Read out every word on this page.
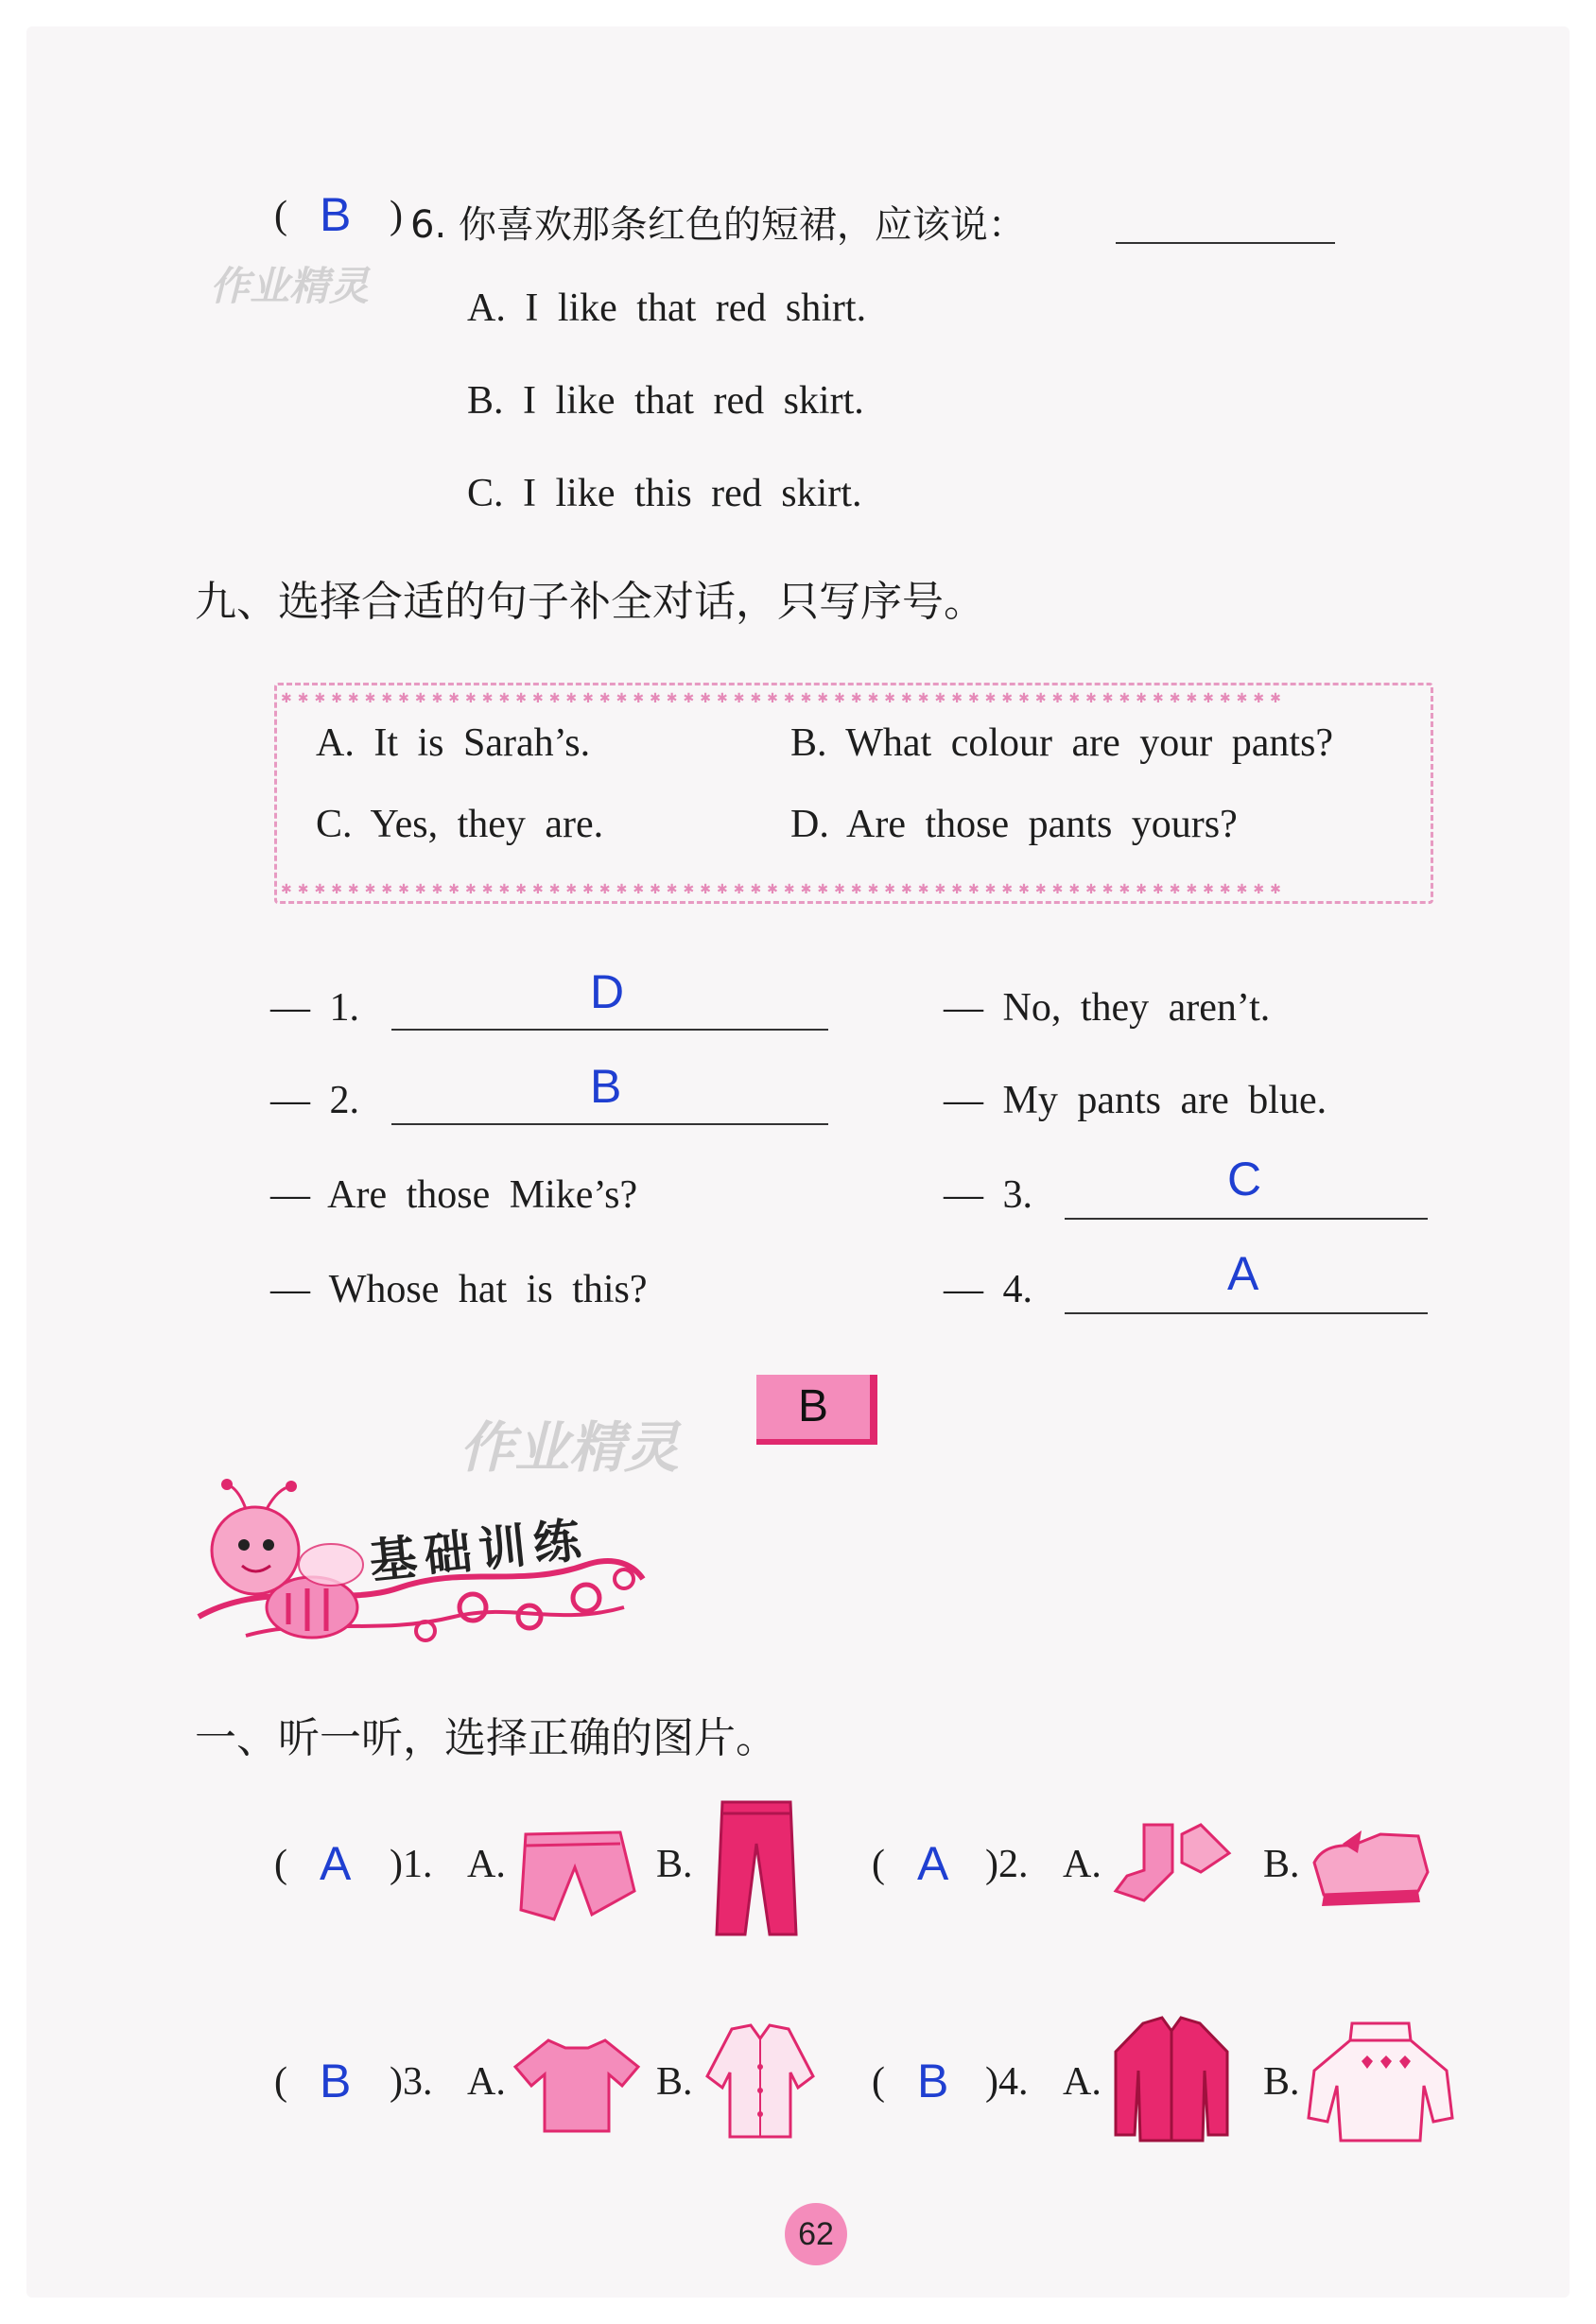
( B ) 6. 你喜欢那条红色的短裙，应该说：
作业精灵 A. I like that red shirt.
B. I like that red skirt.
C. I like this red skirt.
九、选择合适的句子补全对话，只写序号。
✱✱✱✱✱✱✱✱✱✱✱✱✱✱✱✱✱✱✱✱✱✱✱✱✱✱✱✱✱✱✱✱✱✱✱✱✱✱✱✱✱✱✱✱✱✱✱✱✱✱✱✱✱✱✱✱✱✱✱✱
✱✱✱✱✱✱✱✱✱✱✱✱✱✱✱✱✱✱✱✱✱✱✱✱✱✱✱✱✱✱✱✱✱✱✱✱✱✱✱✱✱✱✱✱✱✱✱✱✱✱✱✱✱✱✱✱✱✱✱✱
A. It is Sarah’s.	B. What colour are your pants?
C. Yes, they are.	D. Are those pants yours?
— 1.	D	— No, they aren’t.
— 2.	B	— My pants are blue.
— Are those Mike’s?	— 3.	C
— Whose hat is this?	— 4.	A
作业精灵
B
基础训练
一、听一听，选择正确的图片。
( A )1. A.	B.	( A )2. A.	B.
( B )3. A.	B.	( B )4. A.	B.
62
